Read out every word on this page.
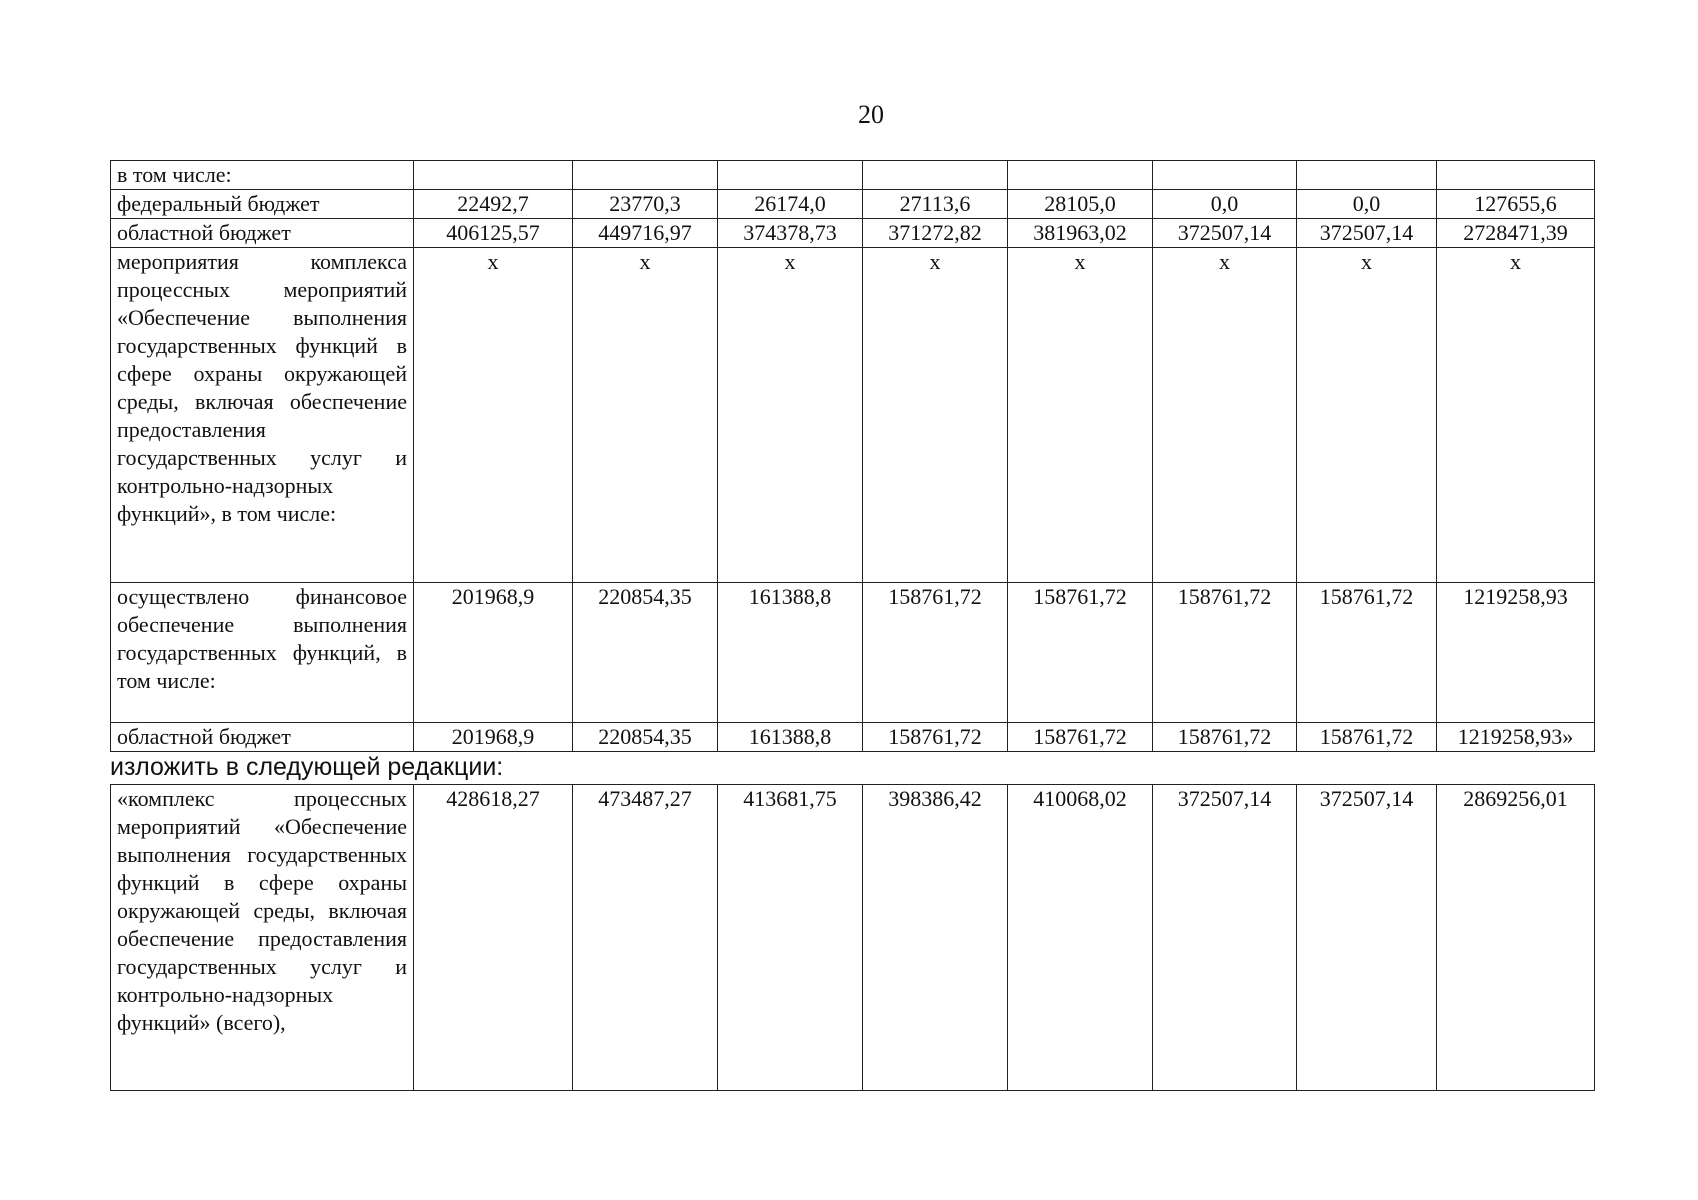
20
в том числе:								
федеральный бюджет	22492,7	23770,3	26174,0	27113,6	28105,0	0,0	0,0	127655,6
областной бюджет	406125,57	449716,97	374378,73	371272,82	381963,02	372507,14	372507,14	2728471,39
мероприятия комплекса процессных мероприятий «Обеспечение выполнения государственных функций в сфере охраны окружающей среды, включая обеспечение предоставления государственных услуг и контрольно-надзорных функций», в том числе:	х	х	х	х	х	х	х	х
осуществлено финансовое обеспечение выполнения государственных функций, в том числе:	201968,9	220854,35	161388,8	158761,72	158761,72	158761,72	158761,72	1219258,93
областной бюджет	201968,9	220854,35	161388,8	158761,72	158761,72	158761,72	158761,72	1219258,93»
изложить в следующей редакции:
«комплекс процессных мероприятий «Обеспечение выполнения государственных функций в сфере охраны окружающей среды, включая обеспечение предоставления государственных услуг и контрольно-надзорных функций» (всего),	428618,27	473487,27	413681,75	398386,42	410068,02	372507,14	372507,14	2869256,01
